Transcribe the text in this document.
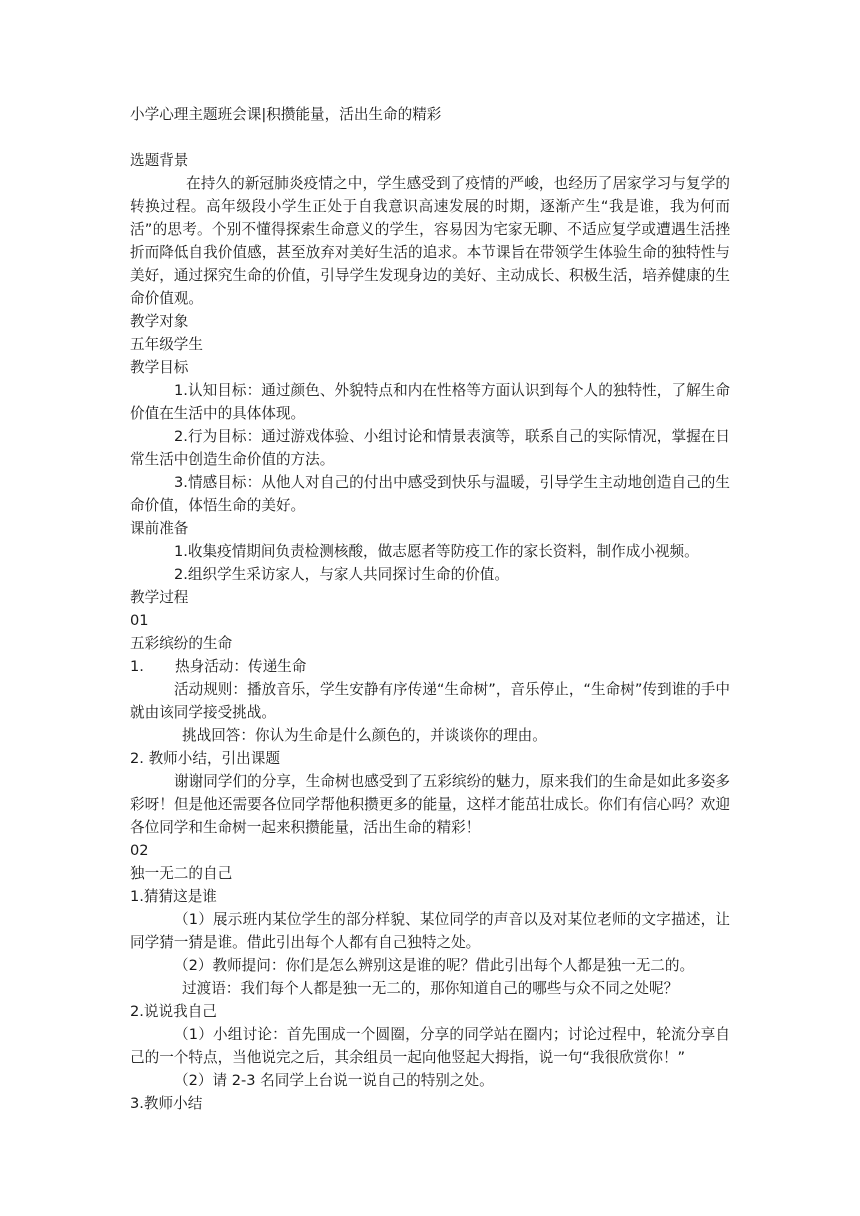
小学心理主题班会课|积攒能量，活出生命的精彩

选题背景

在持久的新冠肺炎疫情之中，学生感受到了疫情的严峻，也经历了居家学习与复学的转换过程。高年级段小学生正处于自我意识高速发展的时期，逐渐产生“我是谁，我为何而活”的思考。个别不懂得探索生命意义的学生，容易因为宅家无聊、不适应复学或遭遇生活挫折而降低自我价值感，甚至放弃对美好生活的追求。本节课旨在带领学生体验生命的独特性与美好，通过探究生命的价值，引导学生发现身边的美好、主动成长、积极生活，培养健康的生命价值观。

教学对象

五年级学生

教学目标

1.认知目标：通过颜色、外貌特点和内在性格等方面认识到每个人的独特性，了解生命价值在生活中的具体体现。

2.行为目标：通过游戏体验、小组讨论和情景表演等，联系自己的实际情况，掌握在日常生活中创造生命价值的方法。

3.情感目标：从他人对自己的付出中感受到快乐与温暖，引导学生主动地创造自己的生命价值，体悟生命的美好。

课前准备

1.收集疫情期间负责检测核酸，做志愿者等防疫工作的家长资料，制作成小视频。

2.组织学生采访家人，与家人共同探讨生命的价值。

教学过程

01

五彩缤纷的生命

1. 热身活动：传递生命

活动规则：播放音乐，学生安静有序传递“生命树”，音乐停止，“生命树”传到谁的手中就由该同学接受挑战。

挑战回答：你认为生命是什么颜色的，并谈谈你的理由。

2. 教师小结，引出课题

谢谢同学们的分享，生命树也感受到了五彩缤纷的魅力，原来我们的生命是如此多姿多彩呀！但是他还需要各位同学帮他积攒更多的能量，这样才能茁壮成长。你们有信心吗？欢迎各位同学和生命树一起来积攒能量，活出生命的精彩！

02

独一无二的自己

1.猜猜这是谁

（1）展示班内某位学生的部分样貌、某位同学的声音以及对某位老师的文字描述，让同学猜一猜是谁。借此引出每个人都有自己独特之处。

（2）教师提问：你们是怎么辨别这是谁的呢？借此引出每个人都是独一无二的。

过渡语：我们每个人都是独一无二的，那你知道自己的哪些与众不同之处呢？

2.说说我自己

（1）小组讨论：首先围成一个圆圈，分享的同学站在圈内；讨论过程中，轮流分享自己的一个特点，当他说完之后，其余组员一起向他竖起大拇指，说一句“我很欣赏你！”

（2）请 2-3 名同学上台说一说自己的特别之处。

3.教师小结
